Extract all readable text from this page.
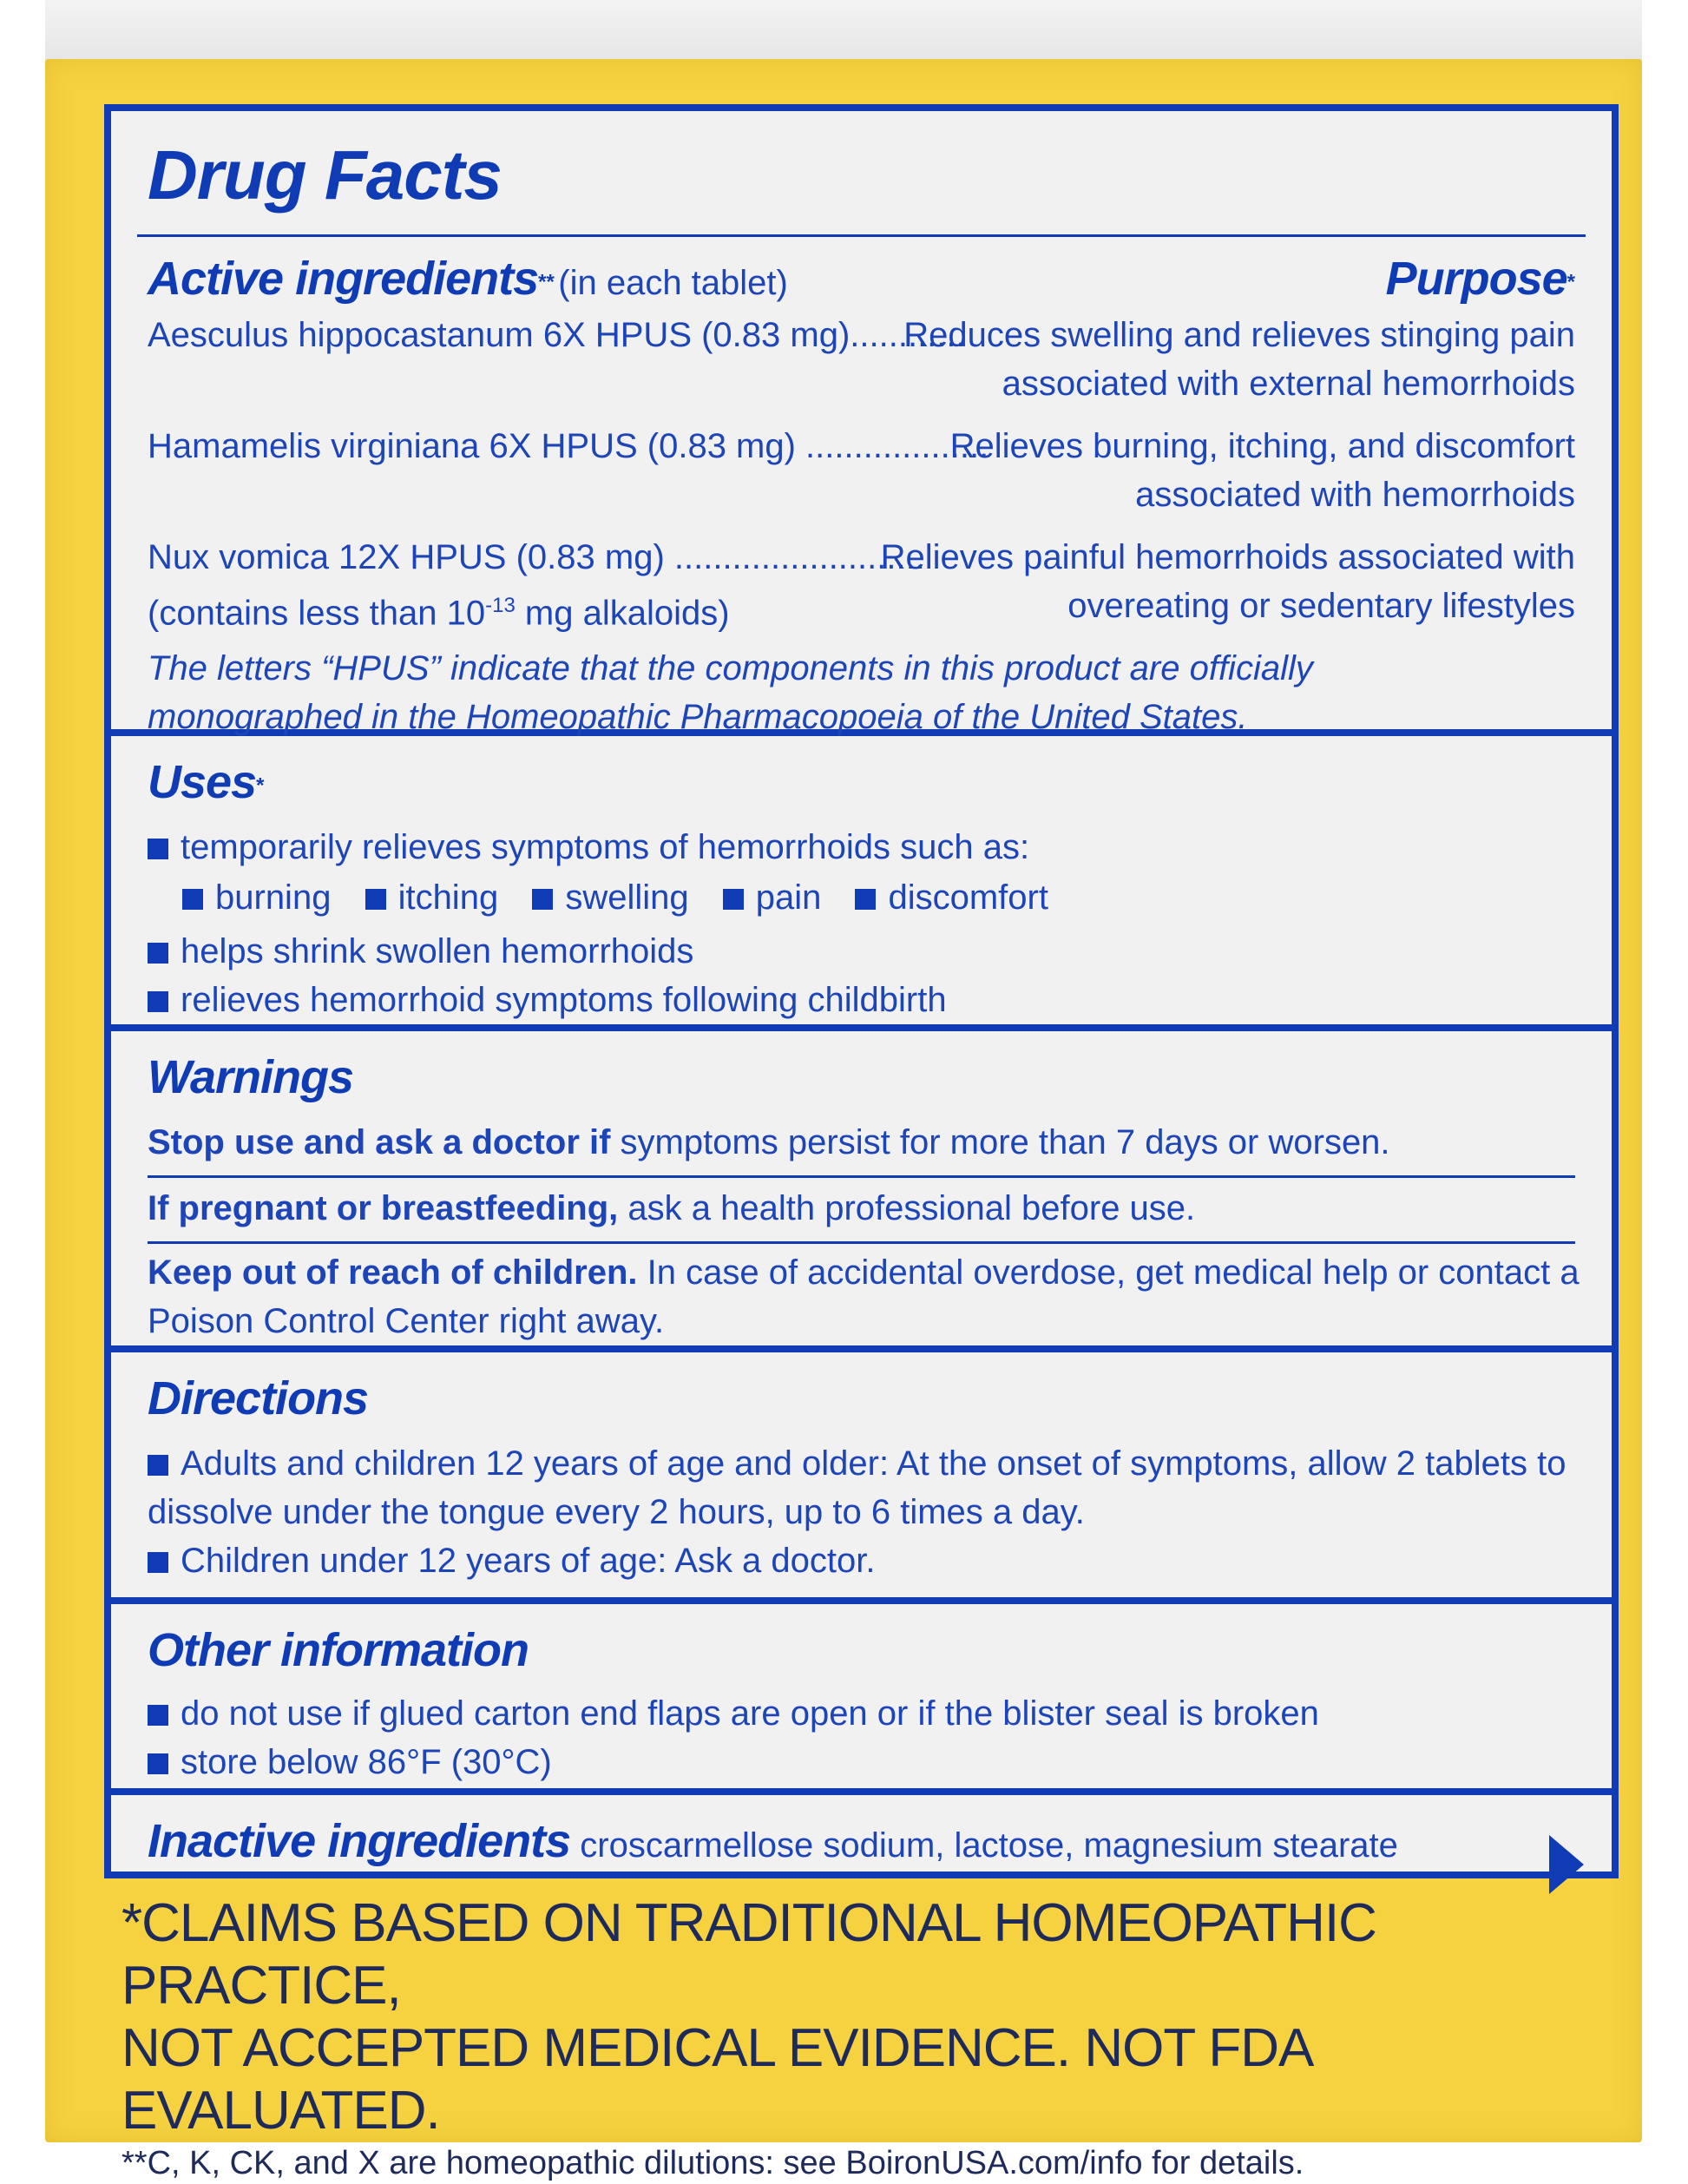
Drug Facts
Active ingredients** (in each tablet)	Purpose*
Aesculus hippocastanum 6X HPUS (0.83 mg)............
Reduces swelling and relieves stinging pain
associated with external hemorrhoids
Hamamelis virginiana 6X HPUS (0.83 mg) ...................
Relieves burning, itching, and discomfort
associated with hemorrhoids
Nux vomica 12X HPUS (0.83 mg) ..........................
Relieves painful hemorrhoids associated with
(contains less than $10^{-13}$ mg alkaloids)	overeating or sedentary lifestyles
The letters “HPUS” indicate that the components in this product are officially
monographed in the Homeopathic Pharmacopoeia of the United States.
Uses*
temporarily relieves symptoms of hemorrhoids such as:
burning itching swelling pain discomfort
helps shrink swollen hemorrhoids
relieves hemorrhoid symptoms following childbirth
Warnings
Stop use and ask a doctor if symptoms persist for more than 7 days or worsen.
If pregnant or breastfeeding, ask a health professional before use.
Keep out of reach of children. In case of accidental overdose, get medical help or contact a
Poison Control Center right away.
Directions
Adults and children 12 years of age and older: At the onset of symptoms, allow 2 tablets to
dissolve under the tongue every 2 hours, up to 6 times a day.
Children under 12 years of age: Ask a doctor.
Other information
do not use if glued carton end flaps are open or if the blister seal is broken
store below 86°F (30°C)
Inactive ingredients croscarmellose sodium, lactose, magnesium stearate
*CLAIMS BASED ON TRADITIONAL HOMEOPATHIC PRACTICE,
NOT ACCEPTED MEDICAL EVIDENCE. NOT FDA EVALUATED.
**C, K, CK, and X are homeopathic dilutions: see BoironUSA.com/info for details.
